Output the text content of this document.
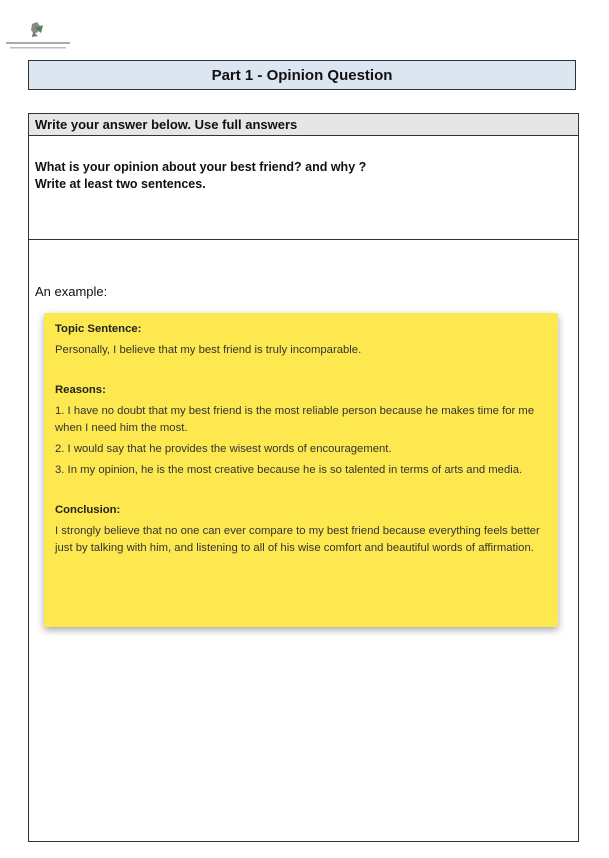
Part 1 - Opinion Question
Write your answer below. Use full answers
What is your opinion about your best friend? and why ?
Write at least two sentences.
An example:
Topic Sentence:

Personally, I believe that my best friend is truly incomparable.

Reasons:

1. I have no doubt that my best friend is the most reliable person because he makes time for me when I need him the most.

2. I would say that he provides the wisest words of encouragement.

3. In my opinion, he is the most creative because he is so talented in terms of arts and media.

Conclusion:

I strongly believe that no one can ever compare to my best friend because everything feels better just by talking with him, and listening to all of his wise comfort and beautiful words of affirmation.
